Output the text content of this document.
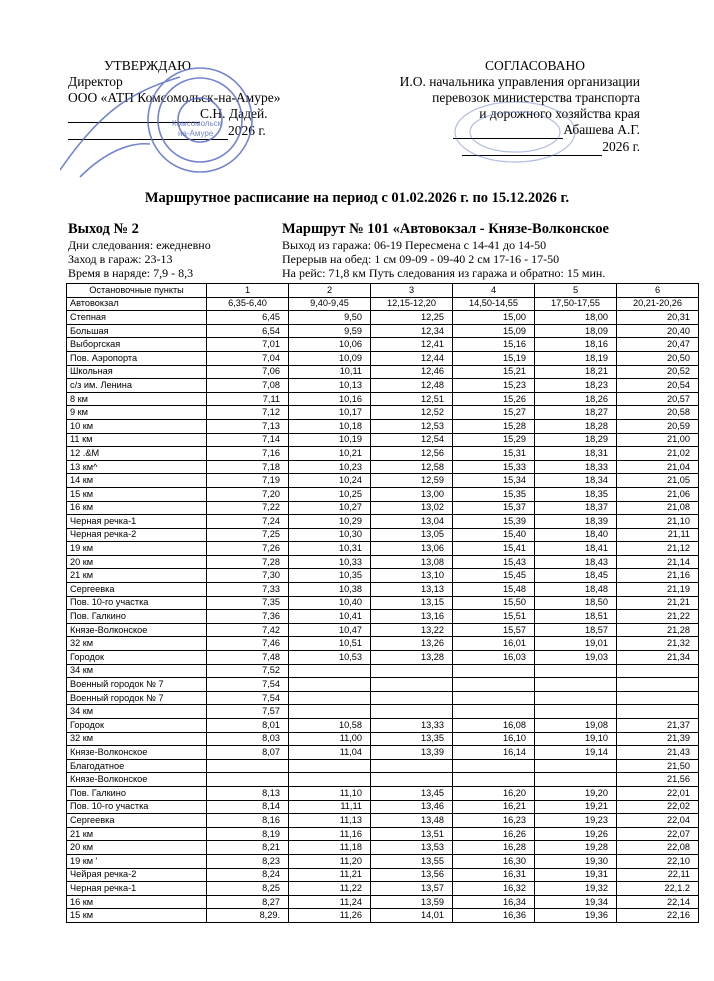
УТВЕРЖДАЮ
Директор
ООО «АТП Комсомольск-на-Амуре»
С.Н. Дадей.
2026 г.
Комсомольск
на-Амуре
СОГЛАСОВАНО
И.О. начальника управления организации
перевозок министерства транспорта
и дорожного хозяйства края
Абашева А.Г.
2026 г.
Маршрутное расписание на период с 01.02.2026 г. по 15.12.2026 г.
Выход № 2
Дни следования: ежедневно
Заход в гараж: 23-13
Время в наряде: 7,9 - 8,3
Маршрут № 101 «Автовокзал - Князе-Волконское
Выход из гаража: 06-19 Пересмена с 14-41 до 14-50
Перерыв на обед: 1 см 09-09 - 09-40 2 см 17-16 - 17-50
На рейс: 71,8 км Путь следования из гаража и обратно: 15 мин.
Остановочные пункты	1	2	3	4	5	6
Автовокзал	6,35-6,40	9,40-9,45	12,15-12,20	14,50-14,55	17,50-17,55	20,21-20,26
Степная	6,45	9,50	12,25	15,00	18,00	20,31
Большая	6,54	9,59	12,34	15,09	18,09	20,40
Выборгская	7,01	10,06	12,41	15,16	18,16	20,47
Пов. Аэропорта	7,04	10,09	12,44	15,19	18,19	20,50
Школьная	7,06	10,11	12,46	15,21	18,21	20,52
с/з им. Ленина	7,08	10,13	12,48	15,23	18,23	20,54
8 км	7,11	10,16	12,51	15,26	18,26	20,57
9 км	7,12	10,17	12,52	15,27	18,27	20,58
10 км	7,13	10,18	12,53	15,28	18,28	20,59
11 км	7,14	10,19	12,54	15,29	18,29	21,00
12 .&М	7,16	10,21	12,56	15,31	18,31	21,02
13 км^	7,18	10,23	12,58	15,33	18,33	21,04
14 км	7,19	10,24	12,59	15,34	18,34	21,05
15 км	7,20	10,25	13,00	15,35	18,35	21,06
16 км	7,22	10,27	13,02	15,37	18,37	21,08
Черная речка-1	7,24	10,29	13,04	15,39	18,39	21,10
Черная речка-2	7,25	10,30	13,05	15,40	18,40	21,11
19 км	7,26	10,31	13,06	15,41	18,41	21,12
20 км	7,28	10,33	13,08	15,43	18,43	21,14
21 км	7,30	10,35	13,10	15,45	18,45	21,16
Сергеевка	7,33	10,38	13,13	15,48	18,48	21,19
Пов. 10-го участка	7,35	10,40	13,15	15,50	18,50	21,21
Пов. Галкино	7,36	10,41	13,16	15,51	18,51	21,22
Князе-Волконское	7,42	10,47	13,22	15,57	18,57	21,28
32 км	7,46	10,51	13,26	16,01	19,01	21,32
Городок	7,48	10,53	13,28	16,03	19,03	21,34
34 км	7,52					
Военный городок № 7	7,54					
Военный городок № 7	7,54					
34 км	7,57					
Городок	8,01	10,58	13,33	16,08	19,08	21,37
32 км	8,03	11,00	13,35	16,10	19,10	21,39
Князе-Волконское	8,07	11,04	13,39	16,14	19,14	21,43
Благодатное						21,50
Князе-Волконское						21,56
Пов. Галкино	8,13	11,10	13,45	16,20	19,20	22,01
Пов. 10-го участка	8,14	11,11	13,46	16,21	19,21	22,02
Сергеевка	8,16	11,13	13,48	16,23	19,23	22,04
21 км	8,19	11,16	13,51	16,26	19,26	22,07
20 км	8,21	11,18	13,53	16,28	19,28	22,08
19 км '	8,23	11,20	13,55	16,30	19,30	22,10
Чейрая речка-2	8,24	11,21	13,56	16,31	19,31	22,11
Черная речка-1	8,25	11,22	13,57	16,32	19,32	22,1.2
16 км	8,27	11,24	13,59	16,34	19,34	22,14
15 км	8,29.	11,26	14,01	16,36	19,36	22,16
